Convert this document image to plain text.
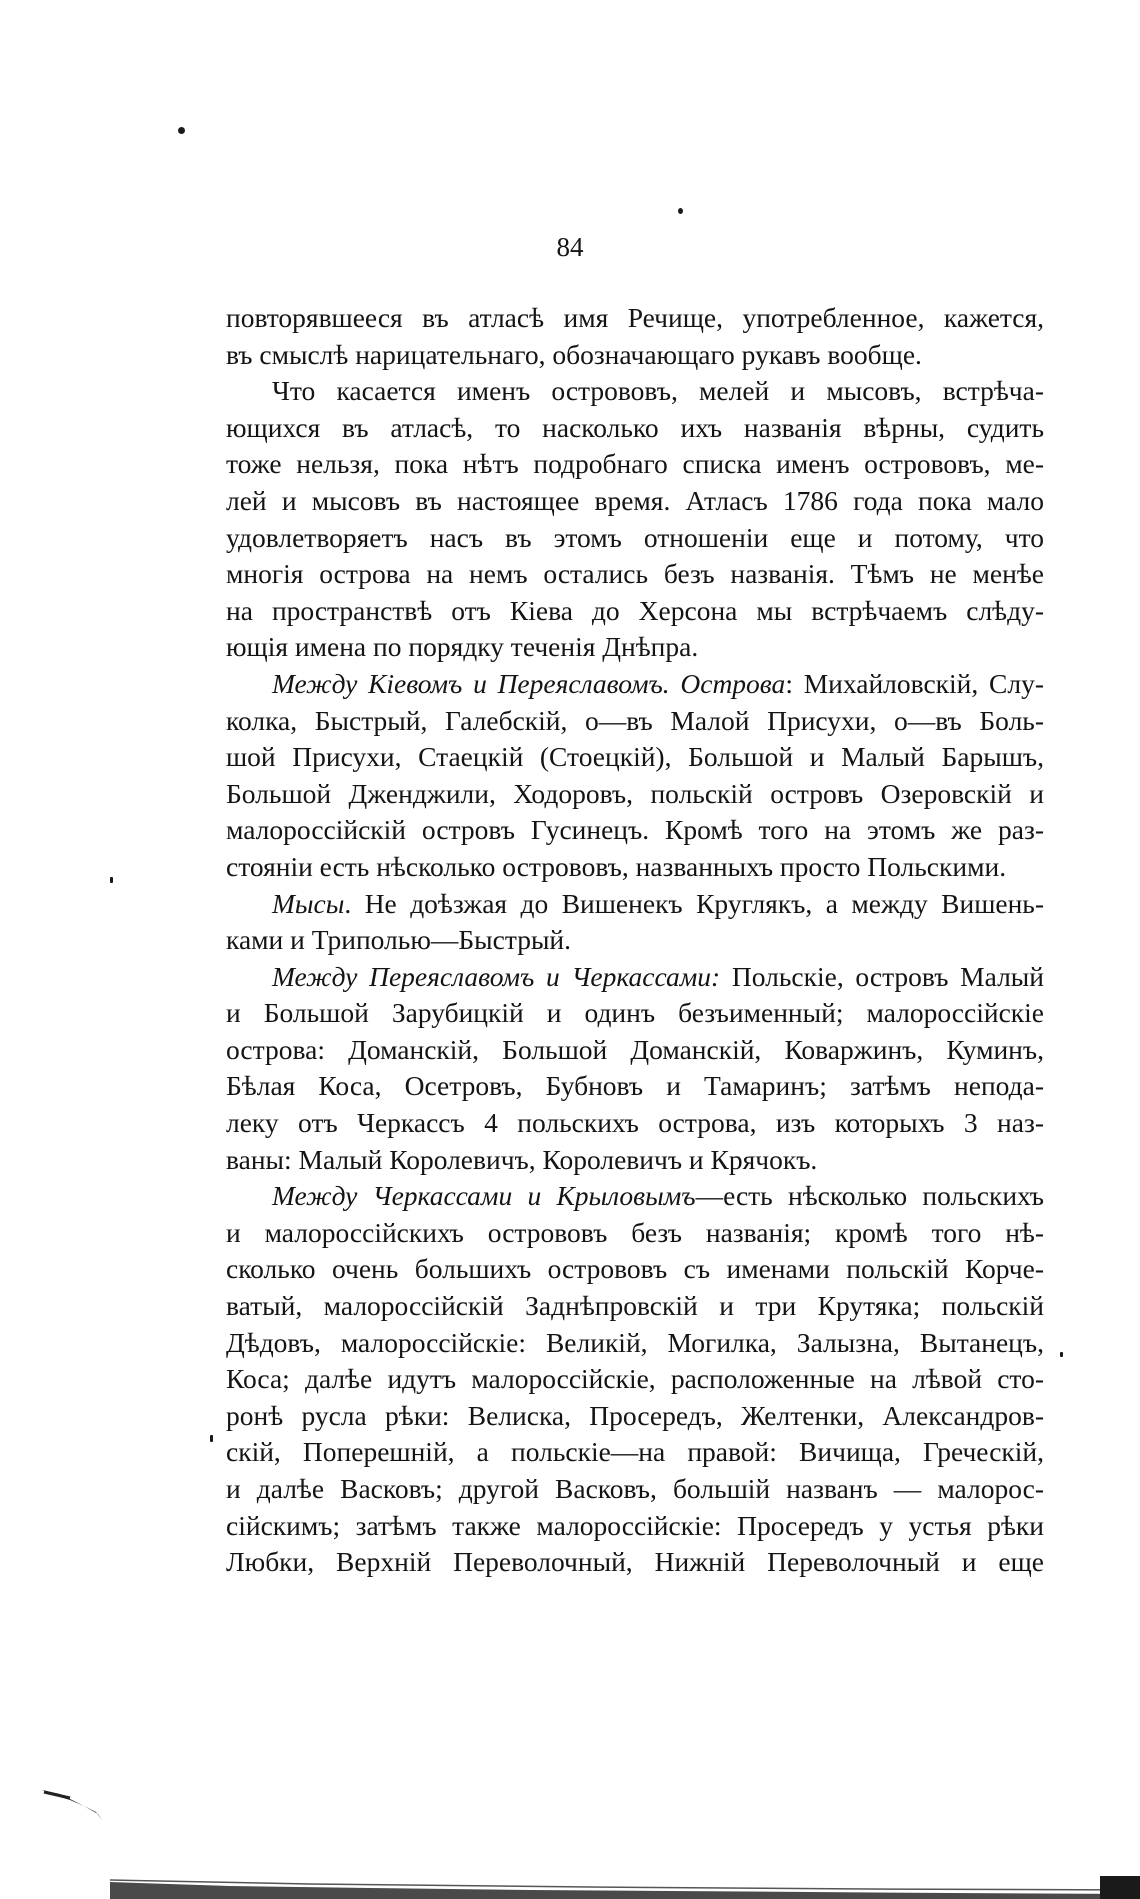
84
повторявшееся въ атласѣ имя Речище, употребленное, кажется,
въ смыслѣ нарицательнаго, обозначающаго рукавъ вообще.
Что касается именъ острововъ, мелей и мысовъ, встрѣча-
ющихся въ атласѣ, то насколько ихъ названія вѣрны, судить
тоже нельзя, пока нѣтъ подробнаго списка именъ острововъ, ме-
лей и мысовъ въ настоящее время. Атласъ 1786 года пока мало
удовлетворяетъ насъ въ этомъ отношеніи еще и потому, что
многія острова на немъ остались безъ названія. Тѣмъ не менѣе
на пространствѣ отъ Кіева до Херсона мы встрѣчаемъ слѣду-
ющія имена по порядку теченія Днѣпра.
Между Кіевомъ и Переяславомъ. Острова: Михайловскій, Слу-
колка, Быстрый, Галебскій, о—въ Малой Присухи, о—въ Боль-
шой Присухи, Стаецкій (Стоецкій), Большой и Малый Барышъ,
Большой Дженджили, Ходоровъ, польскій островъ Озеровскій и
малороссійскій островъ Гусинецъ. Кромѣ того на этомъ же раз-
стояніи есть нѣсколько острововъ, названныхъ просто Польскими.
Мысы. Не доѣзжая до Вишенекъ Круглякъ, а между Вишень-
ками и Триполью—Быстрый.
Между Переяславомъ и Черкассами: Польскіе, островъ Малый
и Большой Зарубицкій и одинъ безъименный; малороссійскіе
острова: Доманскій, Большой Доманскій, Коваржинъ, Куминъ,
Бѣлая Коса, Осетровъ, Бубновъ и Тамаринъ; затѣмъ непода-
леку отъ Черкассъ 4 польскихъ острова, изъ которыхъ 3 наз-
ваны: Малый Королевичъ, Королевичъ и Крячокъ.
Между Черкассами и Крыловымъ—есть нѣсколько польскихъ
и малороссійскихъ острововъ безъ названія; кромѣ того нѣ-
сколько очень большихъ острововъ съ именами польскій Корче-
ватый, малороссійскій Заднѣпровскій и три Крутяка; польскій
Дѣдовъ, малороссійскіе: Великій, Могилка, Залызна, Вытанецъ,
Коса; далѣе идутъ малороссійскіе, расположенные на лѣвой сто-
ронѣ русла рѣки: Велиска, Просередъ, Желтенки, Александров-
скій, Поперешній, а польскіе—на правой: Вичища, Греческій,
и далѣе Васковъ; другой Васковъ, большій названъ — малорос-
сійскимъ; затѣмъ также малороссійскіе: Просередъ у устья рѣки
Любки, Верхній Переволочный, Нижній Переволочный и еще
